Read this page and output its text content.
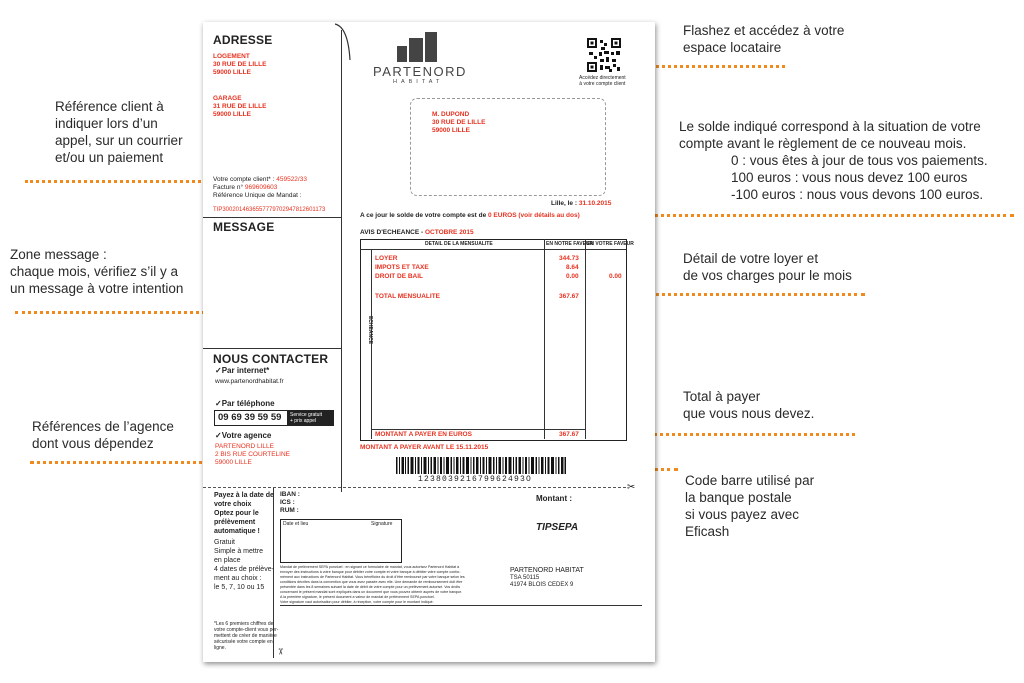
Référence client à
indiquer lors d’un
appel, sur un courrier
et/ou un paiement
Zone message :
chaque mois, vérifiez s’il y a
un message à votre intention
Références de l’agence
dont vous dépendez
Flashez et accédez à votre
espace locataire
Le solde indiqué correspond à la situation de votre
compte avant le règlement de ce nouveau mois.
0 : vous êtes à jour de tous vos paiements.
100 euros : vous nous devez 100 euros
-100 euros : nous vous devons 100 euros.
Détail de votre loyer et
de vos charges pour le mois
Total à payer
que vous nous devez.
Code barre utilisé par
la banque postale
si vous payez avec
Eficash
ADRESSE
LOGEMENT
30 RUE DE LILLE
59000 LILLE
GARAGE
31 RUE DE LILLE
59000 LILLE
Votre compte client* : 459522/33
Facture n° 969609603
Référence Unique de Mandat :
TIP3002014636557779702947812601173
MESSAGE
NOUS CONTACTER
✓Par internet*
www.partenordhabitat.fr
✓Par téléphone
09 69 39 59 59 Service gratuit
+ prix appel
✓Votre agence
PARTENORD LILLE
2 BIS RUE COURTELINE
59000 LILLE
PARTENORD
HABITAT
Accédez directement
à votre compte client
M. DUPOND
30 RUE DE LILLE
59000 LILLE
Lille, le : 31.10.2015
A ce jour le solde de votre compte est de 0 EUROS (voir détails au dos)
AVIS D'ECHEANCE - OCTOBRE 2015
DETAIL DE LA MENSUALITE	EN NOTRE FAVEUR
EN VOTRE FAVEUR
ECHEANCE
LOYER	344.73
IMPOTS ET TAXE	8.64
DROIT DE BAIL	0.00	0.00
TOTAL MENSUALITE	367.67
MONTANT A PAYER EN EUROS	367.67
MONTANT A PAYER AVANT LE 15.11.2015
123803921679962493O
✂
Payez à la date de
votre choix
Optez pour le
prélèvement
automatique !
Gratuit
Simple à mettre
en place
4 dates de prélève-
ment au choix :
le 5, 7, 10 ou 15
*Les 6 premiers chiffres de
votre compte-client vous per-
mettent de créer de manière
sécurisée votre compte en
ligne.	✂
IBAN :
ICS :
RUM :
Montant :
TIPSEPA
Date et lieu	Signature
Mandat de prélèvement SEPA ponctuel : en signant ce formulaire de mandat, vous autorisez Partenord Habitat à
envoyer des instructions à votre banque pour débiter votre compte et votre banque à débiter votre compte confor-
mément aux instructions de Partenord Habitat. Vous bénéficiez du droit d'être remboursé par votre banque selon les
conditions décrites dans la convention que vous avez passée avec elle. Une demande de remboursement doit être
présentée dans les 8 semaines suivant la date de débit de votre compte pour un prélèvement autorisé. Vos droits
concernant le présent mandat sont expliqués dans un document que vous pouvez obtenir auprès de votre banque.
A la première signature, le présent document a valeur de mandat de prélèvement SEPA ponctuel.
Votre signature vaut autorisation pour débiter, à réception, votre compte pour le montant indiqué.
PARTENORD HABITAT
TSA 50115
41974 BLOIS CEDEX 9
